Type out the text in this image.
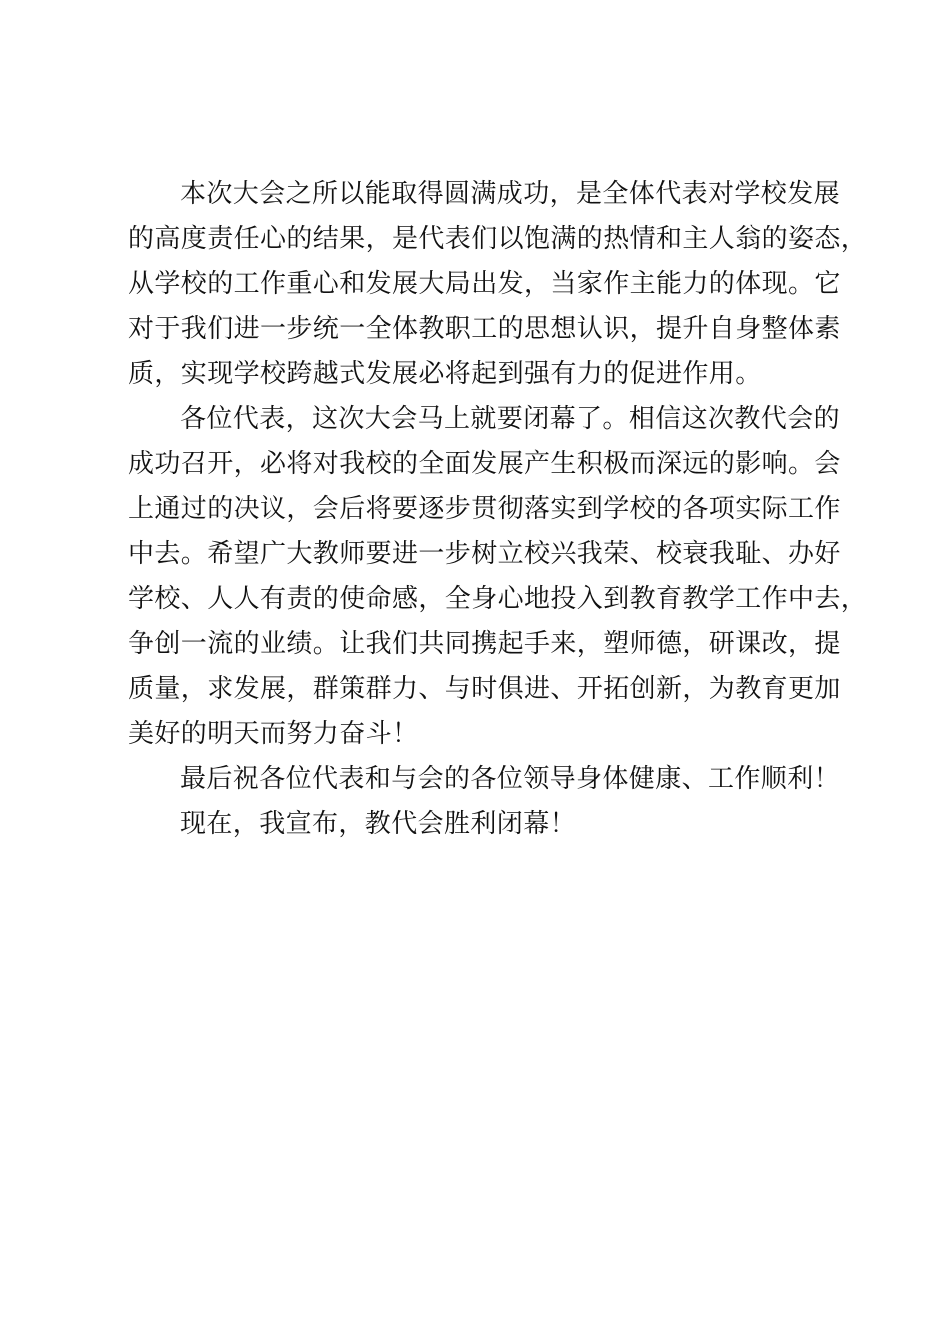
本次大会之所以能取得圆满成功，是全体代表对学校发展
的高度责任心的结果，是代表们以饱满的热情和主人翁的姿态，
从学校的工作重心和发展大局出发，当家作主能力的体现。它
对于我们进一步统一全体教职工的思想认识，提升自身整体素
质，实现学校跨越式发展必将起到强有力的促进作用。
各位代表，这次大会马上就要闭幕了。相信这次教代会的
成功召开，必将对我校的全面发展产生积极而深远的影响。会
上通过的决议，会后将要逐步贯彻落实到学校的各项实际工作
中去。希望广大教师要进一步树立校兴我荣、校衰我耻、办好
学校、人人有责的使命感，全身心地投入到教育教学工作中去，
争创一流的业绩。让我们共同携起手来，塑师德，研课改，提
质量，求发展，群策群力、与时俱进、开拓创新，为教育更加
美好的明天而努力奋斗！
最后祝各位代表和与会的各位领导身体健康、工作顺利！
现在，我宣布，教代会胜利闭幕！
